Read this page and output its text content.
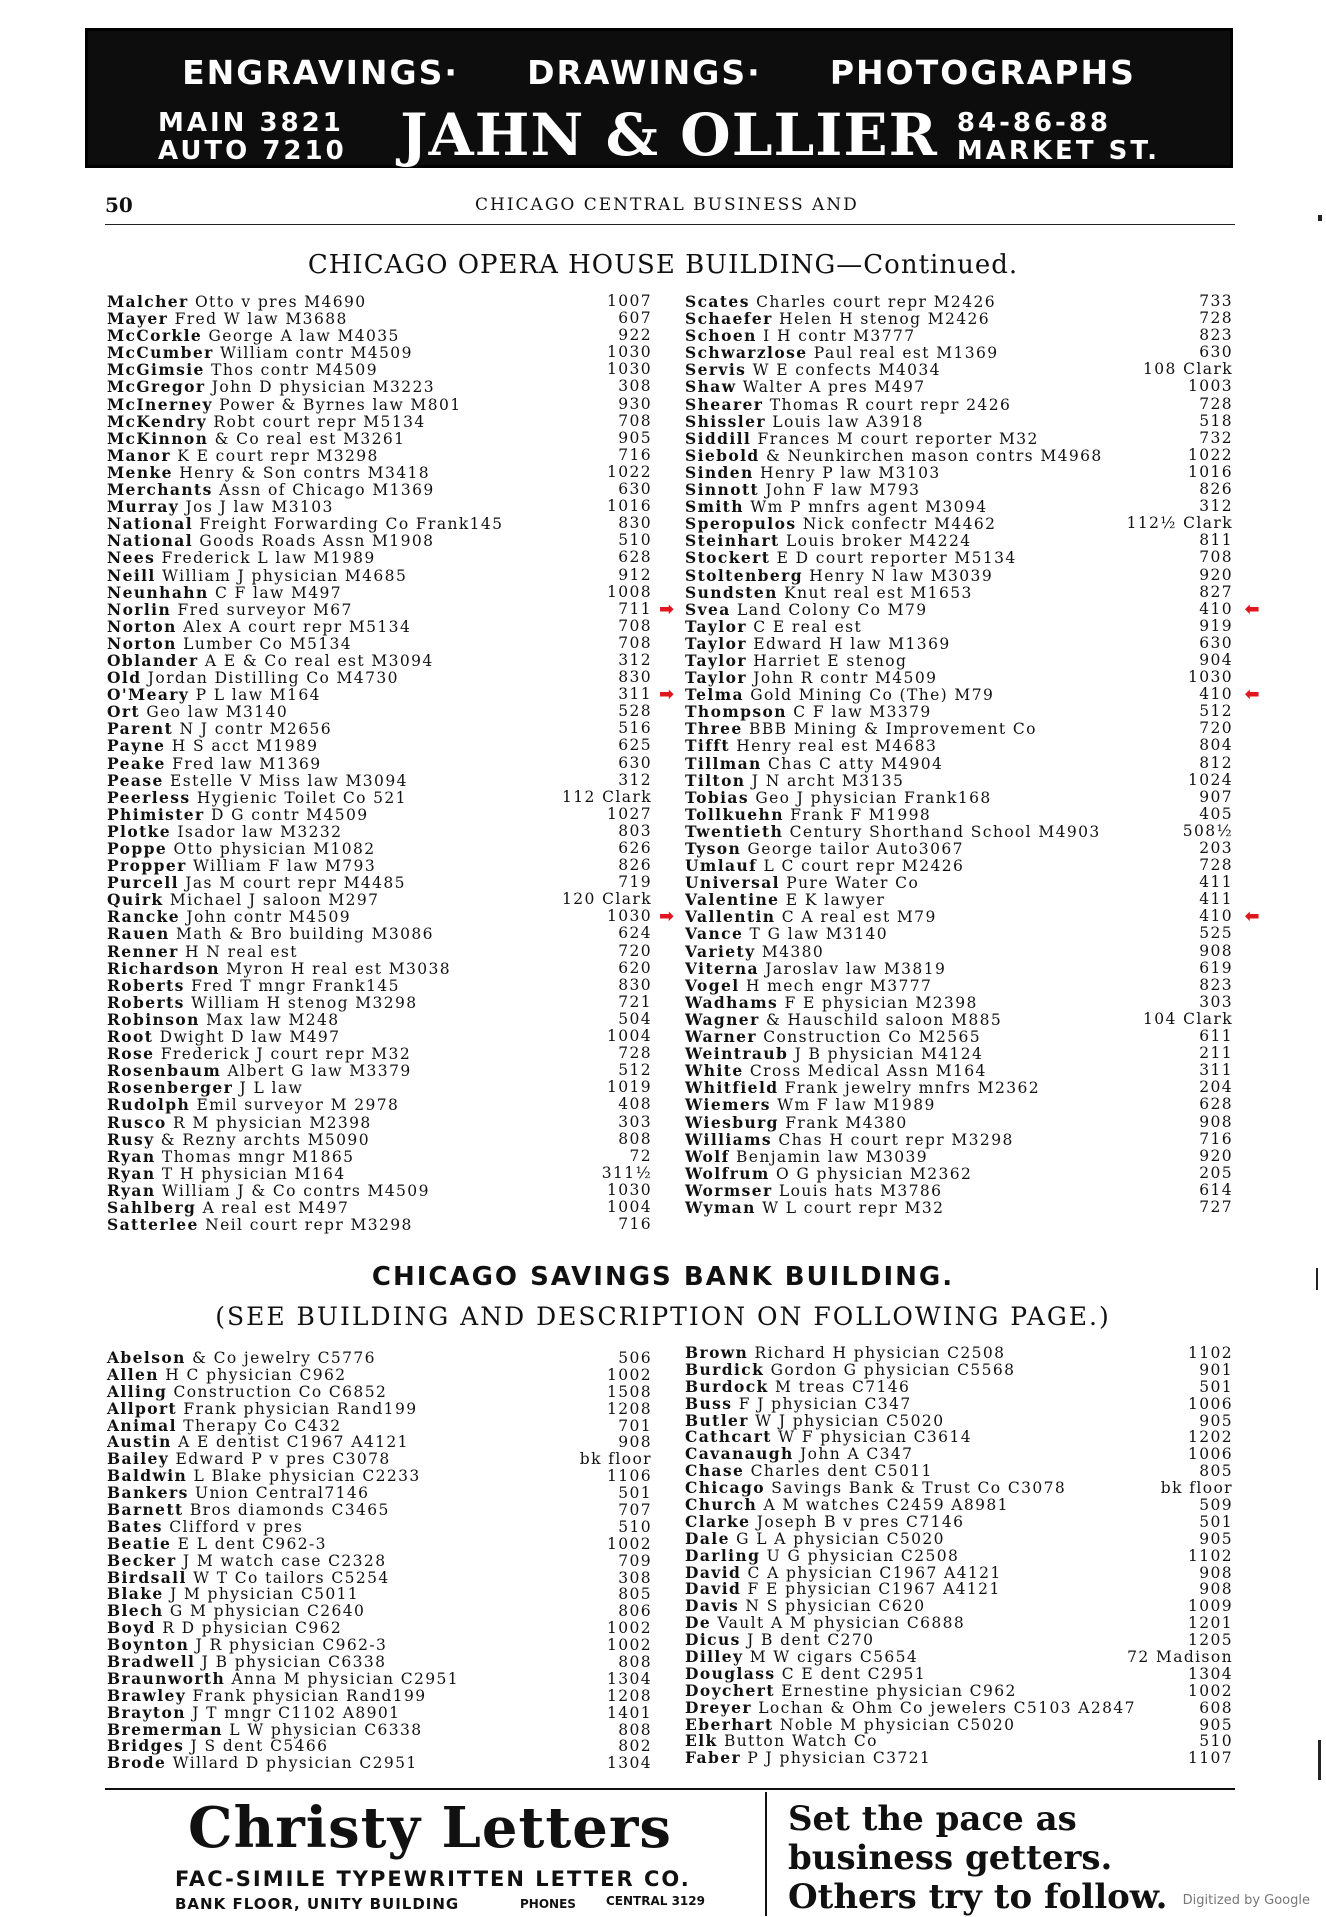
ENGRAVINGS· DRAWINGS· PHOTOGRAPHS
MAIN 3821
AUTO 7210 JAHN & OLLIER 84-86-88
MARKET ST.
50	CHICAGO CENTRAL BUSINESS AND
CHICAGO OPERA HOUSE BUILDING—Continued.
Malcher Otto v pres M4690	1007
Mayer Fred W law M3688	607
McCorkle George A law M4035	922
McCumber William contr M4509	1030
McGimsie Thos contr M4509	1030
McGregor John D physician M3223	308
McInerney Power & Byrnes law M801	930
McKendry Robt court repr M5134	708
McKinnon & Co real est M3261	905
Manor K E court repr M3298	716
Menke Henry & Son contrs M3418	1022
Merchants Assn of Chicago M1369	630
Murray Jos J law M3103	1016
National Freight Forwarding Co Frank145	830
National Goods Roads Assn M1908	510
Nees Frederick L law M1989	628
Neill William J physician M4685	912
Neunhahn C F law M497	1008
Norlin Fred surveyor M67	711
Norton Alex A court repr M5134	708
Norton Lumber Co M5134	708
Oblander A E & Co real est M3094	312
Old Jordan Distilling Co M4730	830
O'Meary P L law M164	311
Ort Geo law M3140	528
Parent N J contr M2656	516
Payne H S acct M1989	625
Peake Fred law M1369	630
Pease Estelle V Miss law M3094	312
Peerless Hygienic Toilet Co 521	112 Clark
Phimister D G contr M4509	1027
Plotke Isador law M3232	803
Poppe Otto physician M1082	626
Propper William F law M793	826
Purcell Jas M court repr M4485	719
Quirk Michael J saloon M297	120 Clark
Rancke John contr M4509	1030
Rauen Math & Bro building M3086	624
Renner H N real est	720
Richardson Myron H real est M3038	620
Roberts Fred T mngr Frank145	830
Roberts William H stenog M3298	721
Robinson Max law M248	504
Root Dwight D law M497	1004
Rose Frederick J court repr M32	728
Rosenbaum Albert G law M3379	512
Rosenberger J L law	1019
Rudolph Emil surveyor M 2978	408
Rusco R M physician M2398	303
Rusy & Rezny archts M5090	808
Ryan Thomas mngr M1865	72
Ryan T H physician M164	311½
Ryan William J & Co contrs M4509	1030
Sahlberg A real est M497	1004
Satterlee Neil court repr M3298	716
Scates Charles court repr M2426	733
Schaefer Helen H stenog M2426	728
Schoen I H contr M3777	823
Schwarzlose Paul real est M1369	630
Servis W E confects M4034	108 Clark
Shaw Walter A pres M497	1003
Shearer Thomas R court repr 2426	728
Shissler Louis law A3918	518
Siddill Frances M court reporter M32	732
Siebold & Neunkirchen mason contrs M4968	1022
Sinden Henry P law M3103	1016
Sinnott John F law M793	826
Smith Wm P mnfrs agent M3094	312
Speropulos Nick confectr M4462	112½ Clark
Steinhart Louis broker M4224	811
Stockert E D court reporter M5134	708
Stoltenberg Henry N law M3039	920
Sundsten Knut real est M1653	827
Svea Land Colony Co M79	410
➡	⬅
Taylor C E real est	919
Taylor Edward H law M1369	630
Taylor Harriet E stenog	904
Taylor John R contr M4509	1030
Telma Gold Mining Co (The) M79	410
➡	⬅
Thompson C F law M3379	512
Three BBB Mining & Improvement Co	720
Tifft Henry real est M4683	804
Tillman Chas C atty M4904	812
Tilton J N archt M3135	1024
Tobias Geo J physician Frank168	907
Tollkuehn Frank F M1998	405
Twentieth Century Shorthand School M4903	508½
Tyson George tailor Auto3067	203
Umlauf L C court repr M2426	728
Universal Pure Water Co	411
Valentine E K lawyer	411
Vallentin C A real est M79	410
➡	⬅
Vance T G law M3140	525
Variety M4380	908
Viterna Jaroslav law M3819	619
Vogel H mech engr M3777	823
Wadhams F E physician M2398	303
Wagner & Hauschild saloon M885	104 Clark
Warner Construction Co M2565	611
Weintraub J B physician M4124	211
White Cross Medical Assn M164	311
Whitfield Frank jewelry mnfrs M2362	204
Wiemers Wm F law M1989	628
Wiesburg Frank M4380	908
Williams Chas H court repr M3298	716
Wolf Benjamin law M3039	920
Wolfrum O G physician M2362	205
Wormser Louis hats M3786	614
Wyman W L court repr M32	727
CHICAGO SAVINGS BANK BUILDING.
(SEE BUILDING AND DESCRIPTION ON FOLLOWING PAGE.)
Abelson & Co jewelry C5776	506
Allen H C physician C962	1002
Alling Construction Co C6852	1508
Allport Frank physician Rand199	1208
Animal Therapy Co C432	701
Austin A E dentist C1967 A4121	908
Bailey Edward P v pres C3078	bk floor
Baldwin L Blake physician C2233	1106
Bankers Union Central7146	501
Barnett Bros diamonds C3465	707
Bates Clifford v pres	510
Beatie E L dent C962-3	1002
Becker J M watch case C2328	709
Birdsall W T Co tailors C5254	308
Blake J M physician C5011	805
Blech G M physician C2640	806
Boyd R D physician C962	1002
Boynton J R physician C962-3	1002
Bradwell J B physician C6338	808
Braunworth Anna M physician C2951	1304
Brawley Frank physician Rand199	1208
Brayton J T mngr C1102 A8901	1401
Bremerman L W physician C6338	808
Bridges J S dent C5466	802
Brode Willard D physician C2951	1304
Brown Richard H physician C2508	1102
Burdick Gordon G physician C5568	901
Burdock M treas C7146	501
Buss F J physician C347	1006
Butler W J physician C5020	905
Cathcart W F physician C3614	1202
Cavanaugh John A C347	1006
Chase Charles dent C5011	805
Chicago Savings Bank & Trust Co C3078	bk floor
Church A M watches C2459 A8981	509
Clarke Joseph B v pres C7146	501
Dale G L A physician C5020	905
Darling U G physician C2508	1102
David C A physician C1967 A4121	908
David F E physician C1967 A4121	908
Davis N S physician C620	1009
De Vault A M physician C6888	1201
Dicus J B dent C270	1205
Dilley M W cigars C5654	72 Madison
Douglass C E dent C2951	1304
Doychert Ernestine physician C962	1002
Dreyer Lochan & Ohm Co jewelers C5103 A2847	608
Eberhart Noble M physician C5020	905
Elk Button Watch Co	510
Faber P J physician C3721	1107
Christy Letters
FAC-SIMILE TYPEWRITTEN LETTER CO.
BANK FLOOR, UNITY BUILDING	PHONES	CENTRAL 3129
Set the pace as business getters. Others try to follow.	Digitized by Google
